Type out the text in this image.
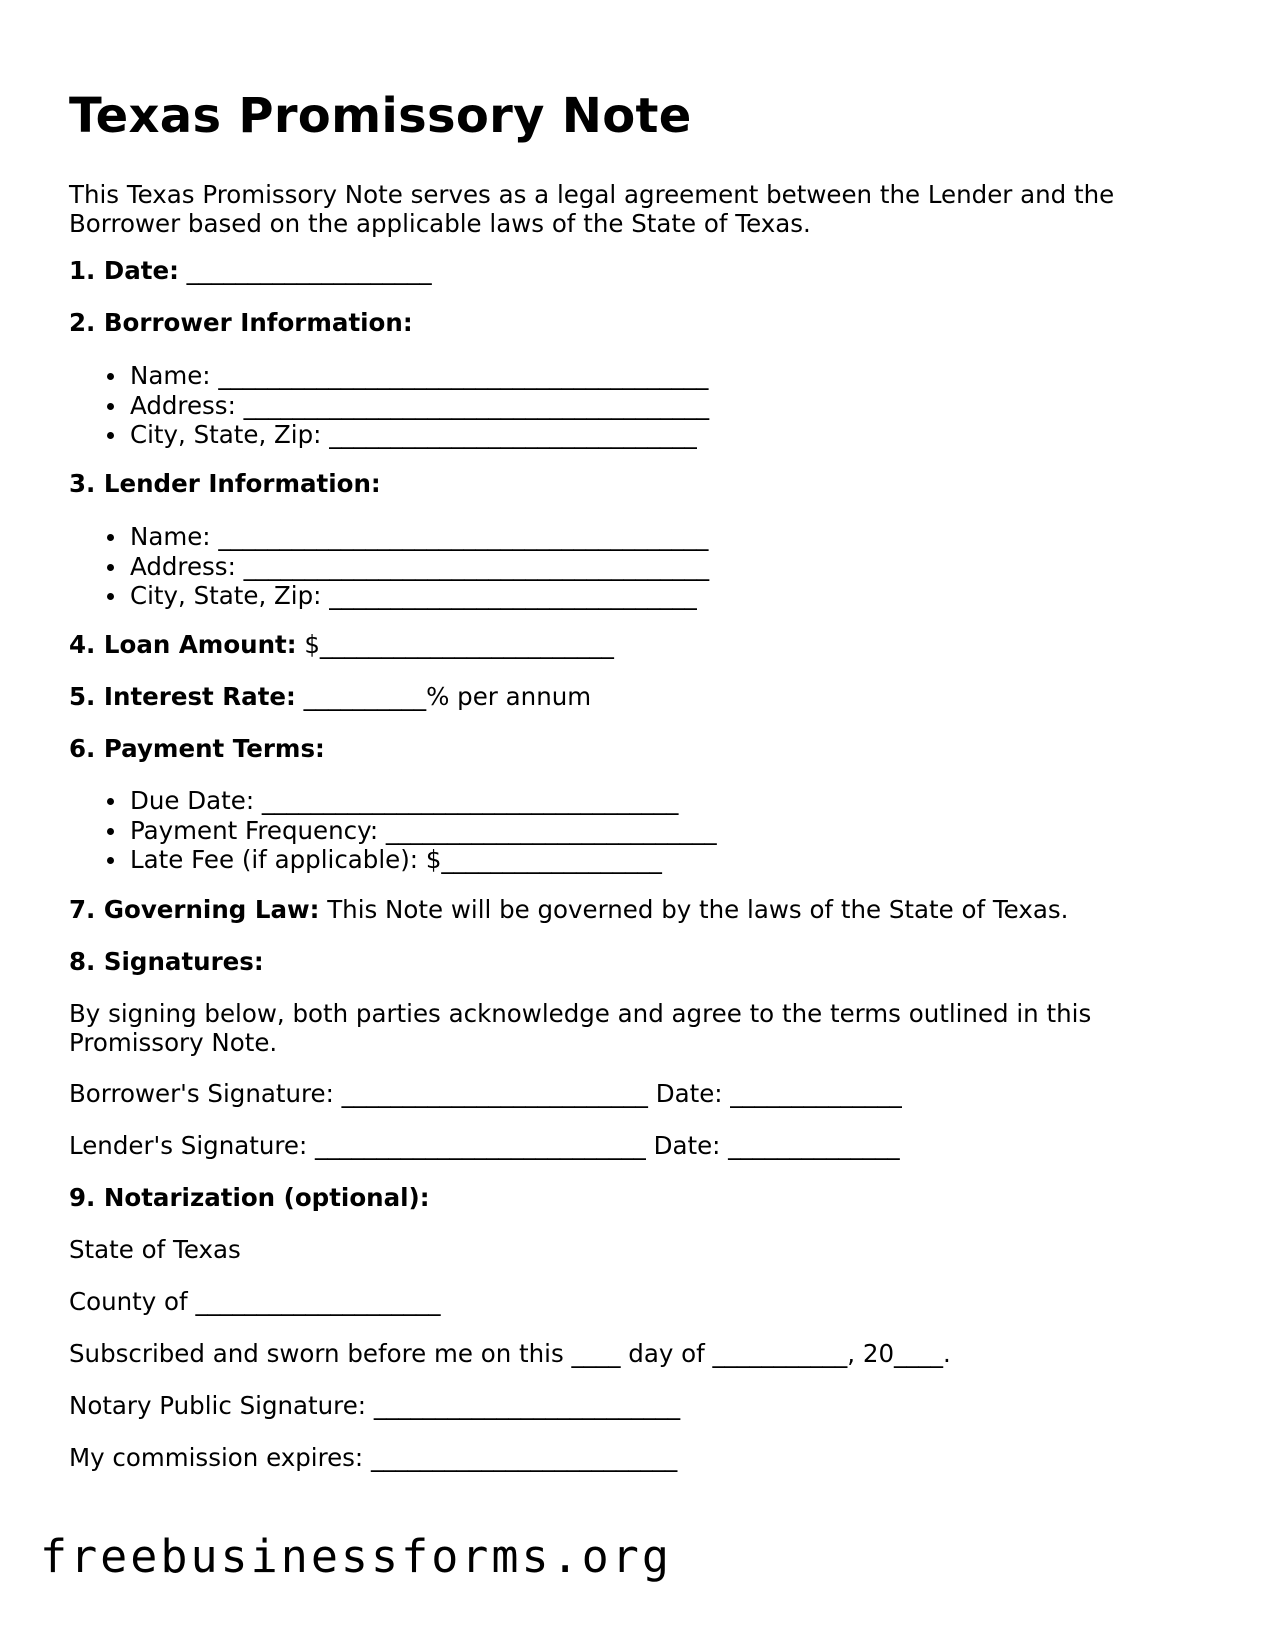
Texas Promissory Note
This Texas Promissory Note serves as a legal agreement between the Lender and the Borrower based on the applicable laws of the State of Texas.
1. Date: ____________________
2. Borrower Information:
Name: ________________________________________
Address: ______________________________________
City, State, Zip: ______________________________
3. Lender Information:
Name: ________________________________________
Address: ______________________________________
City, State, Zip: ______________________________
4. Loan Amount: $________________________
5. Interest Rate: __________% per annum
6. Payment Terms:
Due Date: __________________________________
Payment Frequency: ___________________________
Late Fee (if applicable): $__________________
7. Governing Law: This Note will be governed by the laws of the State of Texas.
8. Signatures:
By signing below, both parties acknowledge and agree to the terms outlined in this Promissory Note.
Borrower's Signature: _________________________ Date: ______________
Lender's Signature: ___________________________ Date: ______________
9. Notarization (optional):
State of Texas
County of ____________________
Subscribed and sworn before me on this ____ day of ___________, 20____.
Notary Public Signature: _________________________
My commission expires: _________________________
freebusinessforms.org
